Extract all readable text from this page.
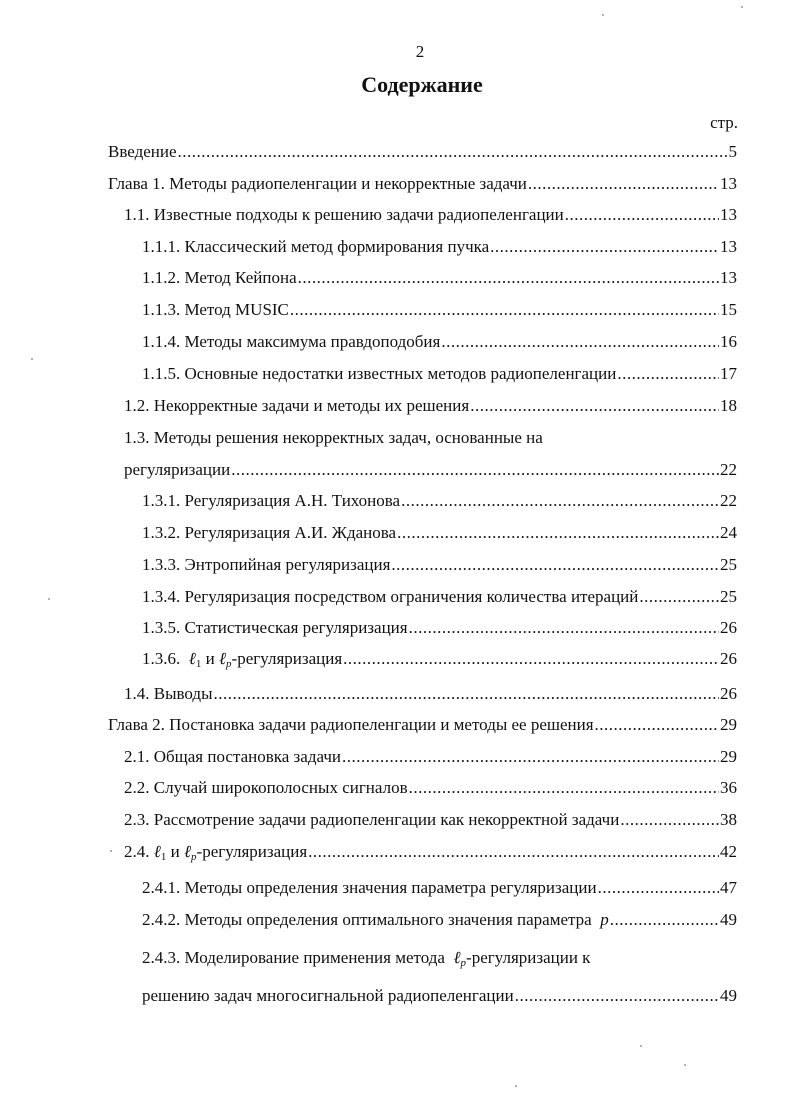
2
Содержание
стр.
Введение .....	5
Глава 1. Методы радиопеленгации и некорректные задачи .....	13
1.1. Известные подходы к решению задачи радиопеленгации .....	13
1.1.1. Классический метод формирования пучка .....	13
1.1.2. Метод Кейпона .....	13
1.1.3. Метод MUSIC .....	15
1.1.4. Методы максимума правдоподобия .....	16
1.1.5. Основные недостатки известных методов радиопеленгации .....	17
1.2. Некорректные задачи и методы их решения .....	18
1.3. Методы решения некорректных задач, основанные на
регуляризации .....	22
1.3.1. Регуляризация А.Н. Тихонова .....	22
1.3.2. Регуляризация А.И. Жданова .....	24
1.3.3. Энтропийная регуляризация .....	25
1.3.4. Регуляризация посредством ограничения количества итераций .....	25
1.3.5. Статистическая регуляризация .....	26
1.3.6. ℓ$_1$ и ℓ$_p$-регуляризация .....	26
1.4. Выводы .....	26
Глава 2. Постановка задачи радиопеленгации и методы ее решения .....	29
2.1. Общая постановка задачи .....	29
2.2. Случай широкополосных сигналов .....	36
2.3. Рассмотрение задачи радиопеленгации как некорректной задачи .....	38
2.4. ℓ$_1$ и ℓ$_p$-регуляризация .....	42
2.4.1. Методы определения значения параметра регуляризации .....	47
2.4.2. Методы определения оптимального значения параметра p .....	49
2.4.3. Моделирование применения метода ℓ$_p$-регуляризации к
решению задач многосигнальной радиопеленгации .....	49
